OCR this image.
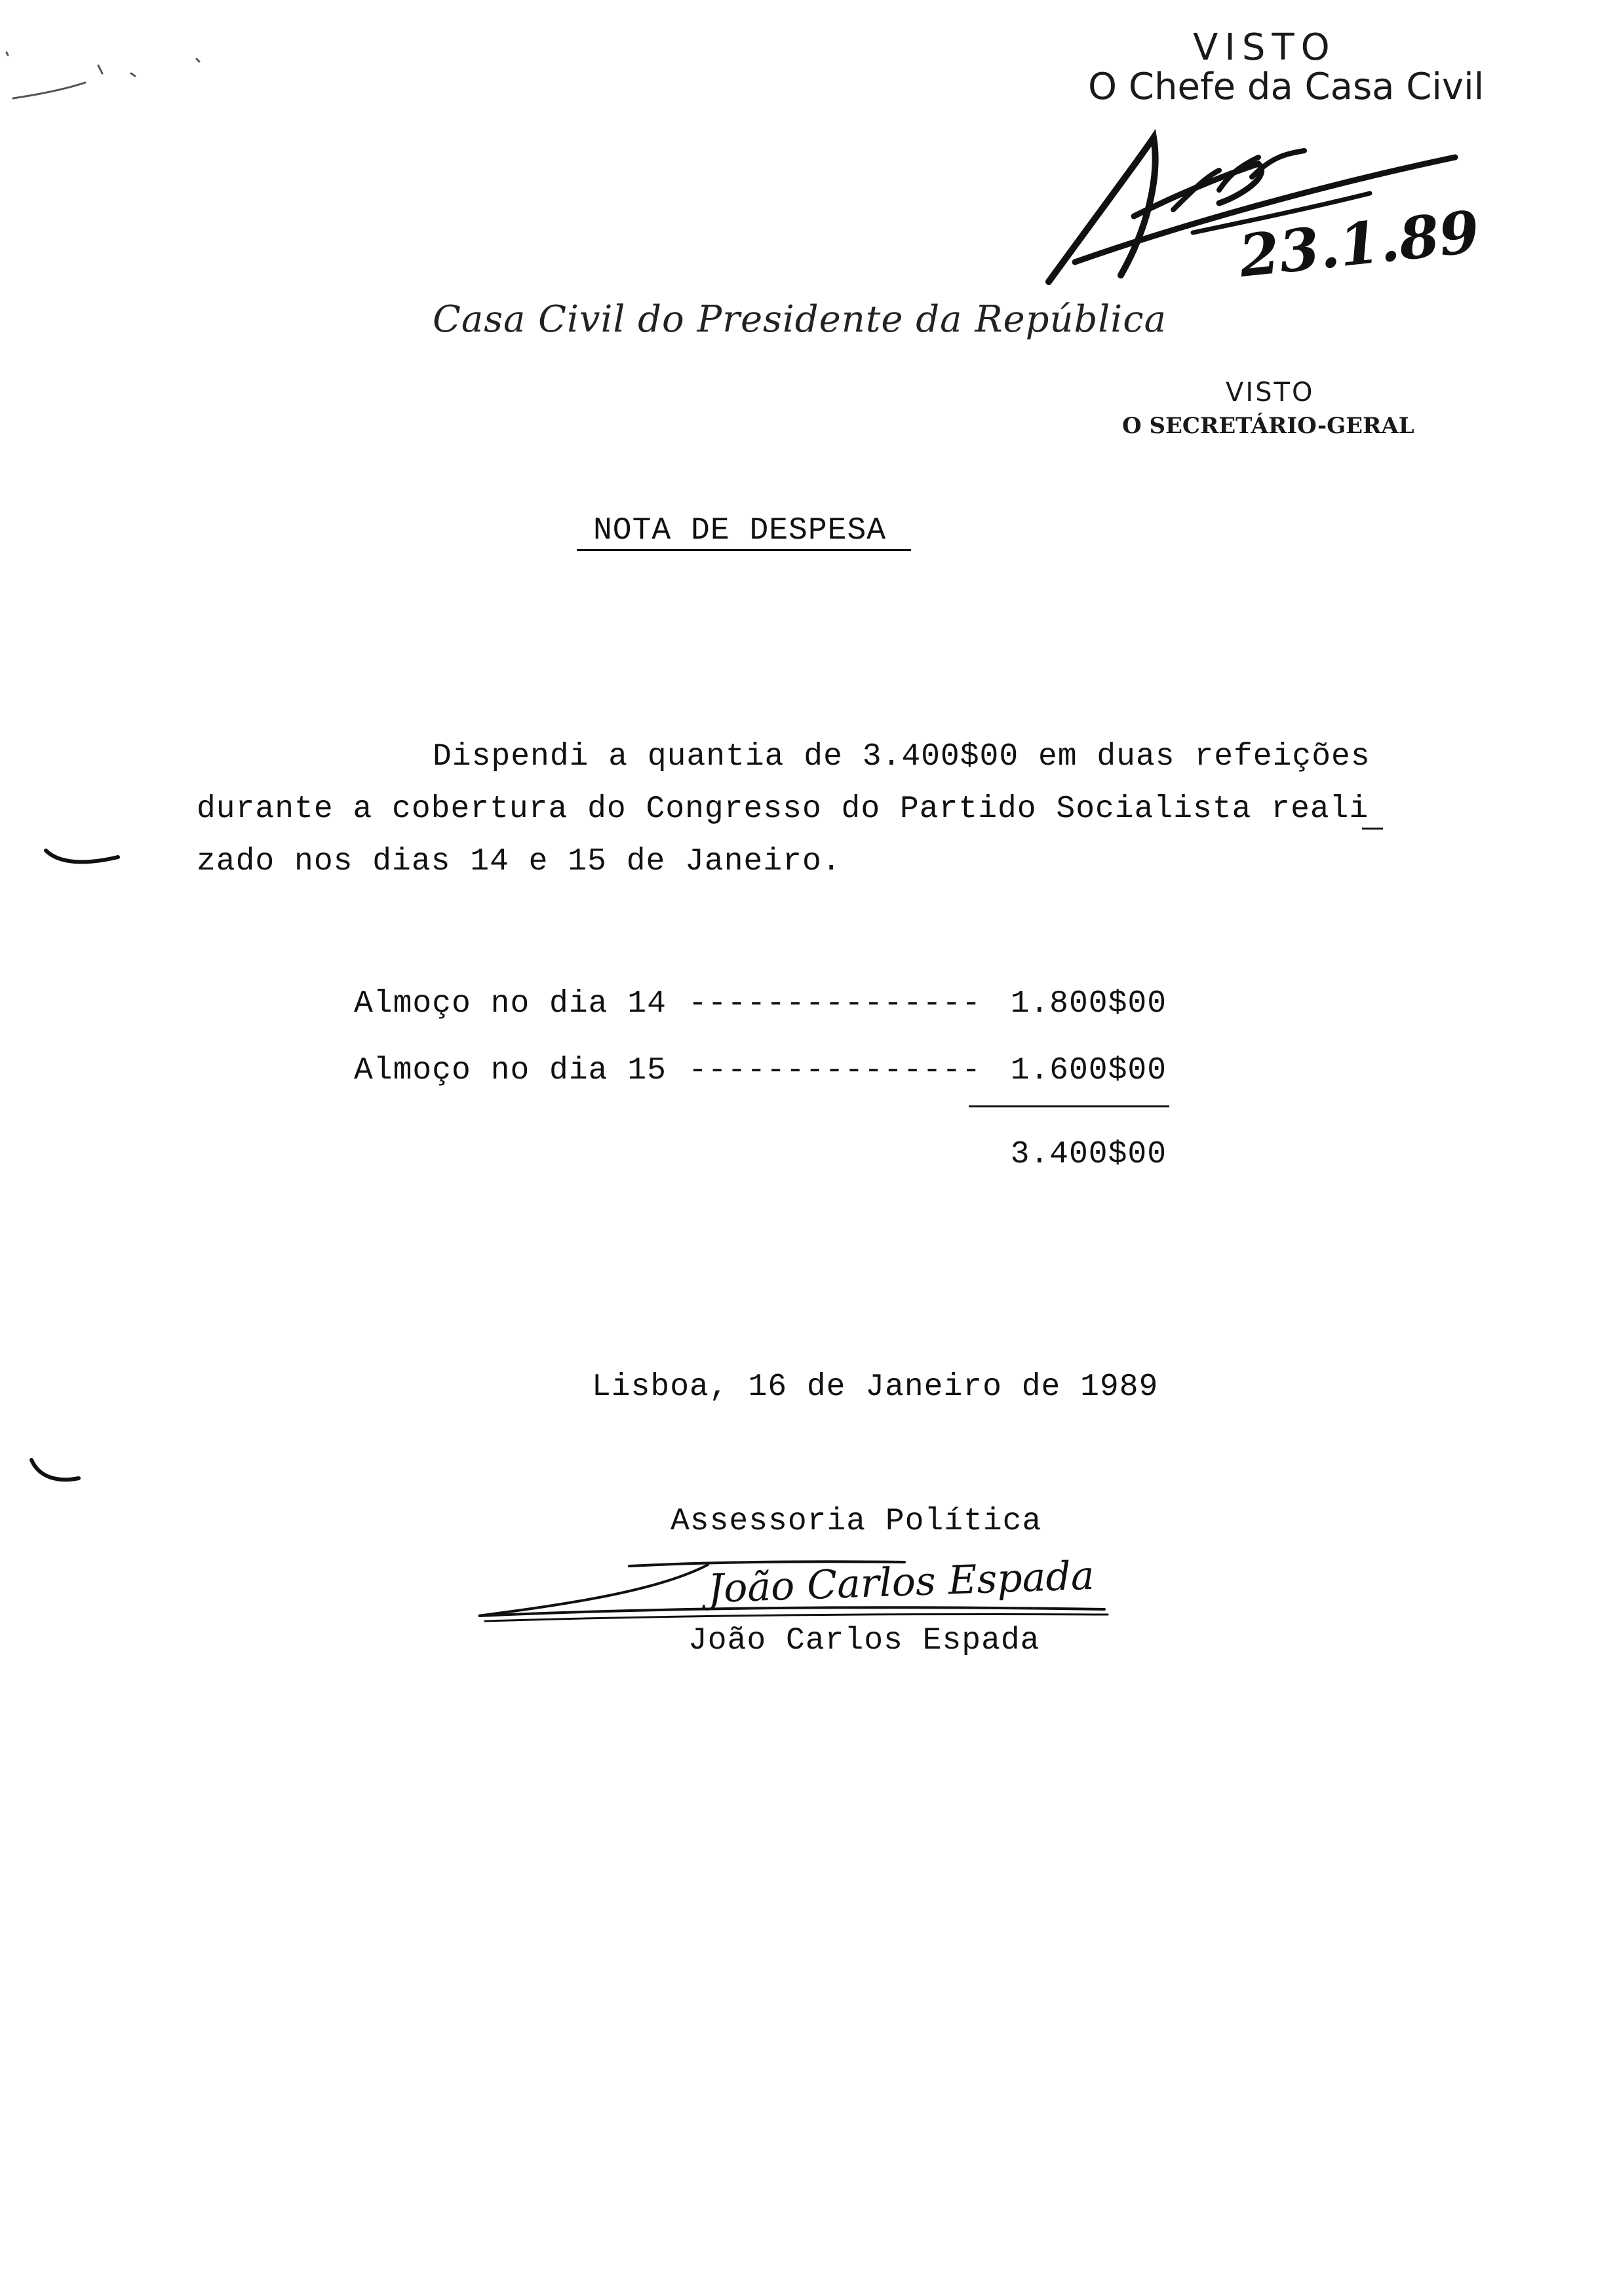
VISTO
O Chefe da Casa Civil
23.1.89
Casa Civil do Presidente da República
VISTO
O SECRETÁRIO-GERAL
NOTA DE DESPESA
Dispendi a quantia de 3.400$00 em duas refeições
durante a cobertura do Congresso do Partido Socialista reali
zado nos dias 14 e 15 de Janeiro.
Almoço no dia 14 --------------- 1.800$00
Almoço no dia 15 --------------- 1.600$00
3.400$00
Lisboa, 16 de Janeiro de 1989
Assessoria Política
João Carlos Espada
João Carlos Espada
